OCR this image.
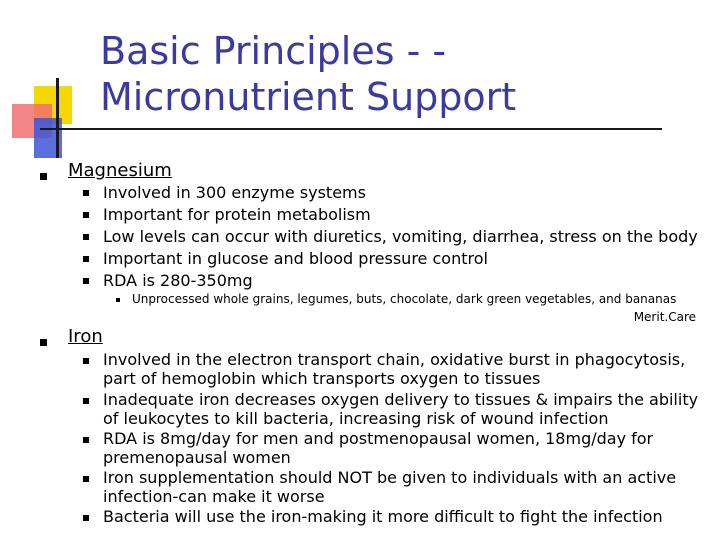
Basic Principles - -
Micronutrient Support
Magnesium
Involved in 300 enzyme systems
Important for protein metabolism
Low levels can occur with diuretics, vomiting, diarrhea, stress on the body
Important in glucose and blood pressure control
RDA is 280-350mg
Unprocessed whole grains, legumes, buts, chocolate, dark green vegetables, and bananas
Merit.Care
Iron
Involved in the electron transport chain, oxidative burst in phagocytosis, part of hemoglobin which transports oxygen to tissues
Inadequate iron decreases oxygen delivery to tissues & impairs the ability of leukocytes to kill bacteria, increasing risk of wound infection
RDA is 8mg/day for men and postmenopausal women, 18mg/day for premenopausal women
Iron supplementation should NOT be given to individuals with an active infection-can make it worse
Bacteria will use the iron-making it more difficult to fight the infection
